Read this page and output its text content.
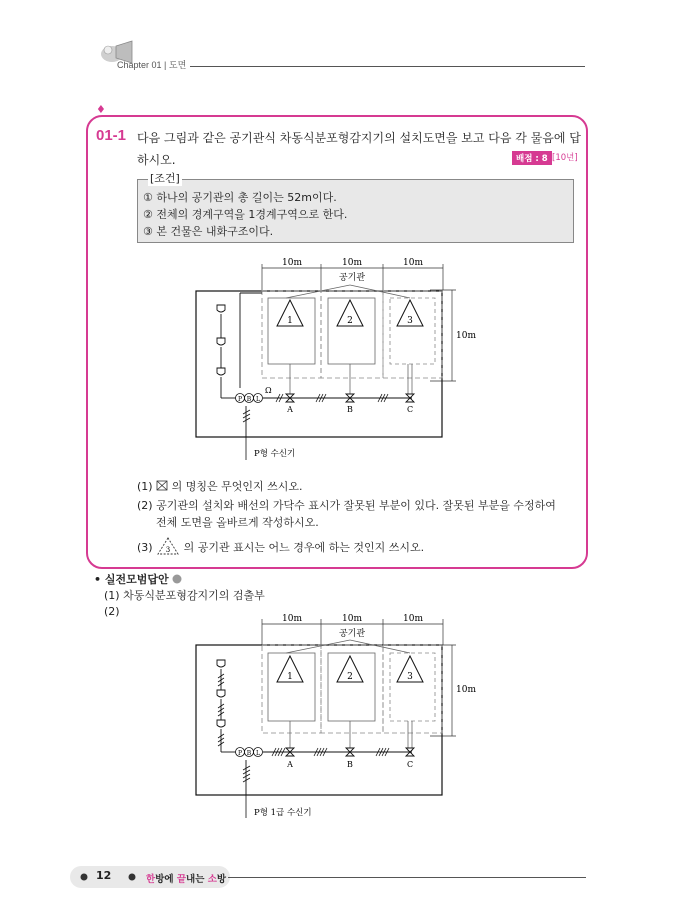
Chapter 01 | 도면
♦
01-1 다음 그림과 같은 공기관식 차동식분포형감지기의 설치도면을 보고 다음 각 물음에 답하시오.	배점 : 8 [10년]
[조건]
① 하나의 공기관의 총 길이는 52m이다.
② 전체의 경계구역을 1경계구역으로 한다.
③ 본 건물은 내화구조이다.
10m	10m	10m
공기관
10m
1	2	3
P B L
Ω
A	B	C
P형 수신기
(1) 의 명칭은 무엇인지 쓰시오.
(2) 공기관의 설치와 배선의 가닥수 표시가 잘못된 부분이 있다. 잘못된 부분을 수정하여
전체 도면을 올바르게 작성하시오.
(3) 3 의 공기관 표시는 어느 경우에 하는 것인지 쓰시오.
• 실전모범답안
(1) 차동식분포형감지기의 검출부
(2)
10m	10m	10m
공기관
10m
1	2	3
P B L
A	B	C
P형 1급 수신기
12	한방에 끝내는 소방
